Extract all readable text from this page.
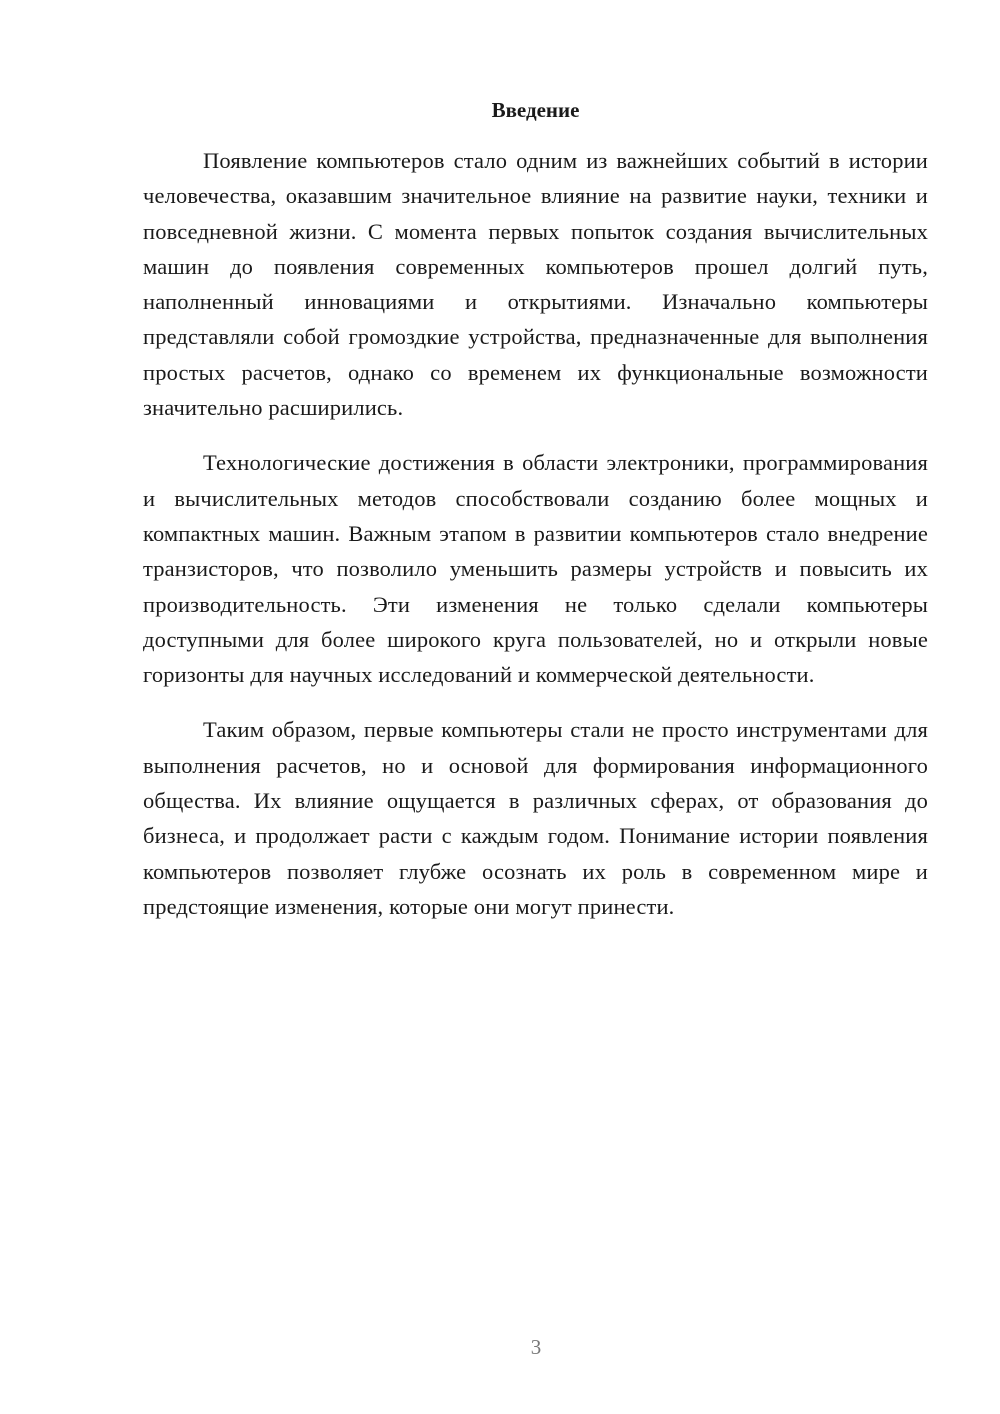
Введение

Появление компьютеров стало одним из важнейших событий в истории человечества, оказавшим значительное влияние на развитие науки, техники и повседневной жизни. С момента первых попыток создания вычислительных машин до появления современных компьютеров прошел долгий путь, наполненный инновациями и открытиями. Изначально компьютеры представляли собой громоздкие устройства, предназначенные для выполнения простых расчетов, однако со временем их функциональные возможности значительно расширились.

Технологические достижения в области электроники, программирования и вычислительных методов способствовали созданию более мощных и компактных машин. Важным этапом в развитии компьютеров стало внедрение транзисторов, что позволило уменьшить размеры устройств и повысить их производительность. Эти изменения не только сделали компьютеры доступными для более широкого круга пользователей, но и открыли новые горизонты для научных исследований и коммерческой деятельности.

Таким образом, первые компьютеры стали не просто инструментами для выполнения расчетов, но и основой для формирования информационного общества. Их влияние ощущается в различных сферах, от образования до бизнеса, и продолжает расти с каждым годом. Понимание истории появления компьютеров позволяет глубже осознать их роль в современном мире и предстоящие изменения, которые они могут принести.

3
